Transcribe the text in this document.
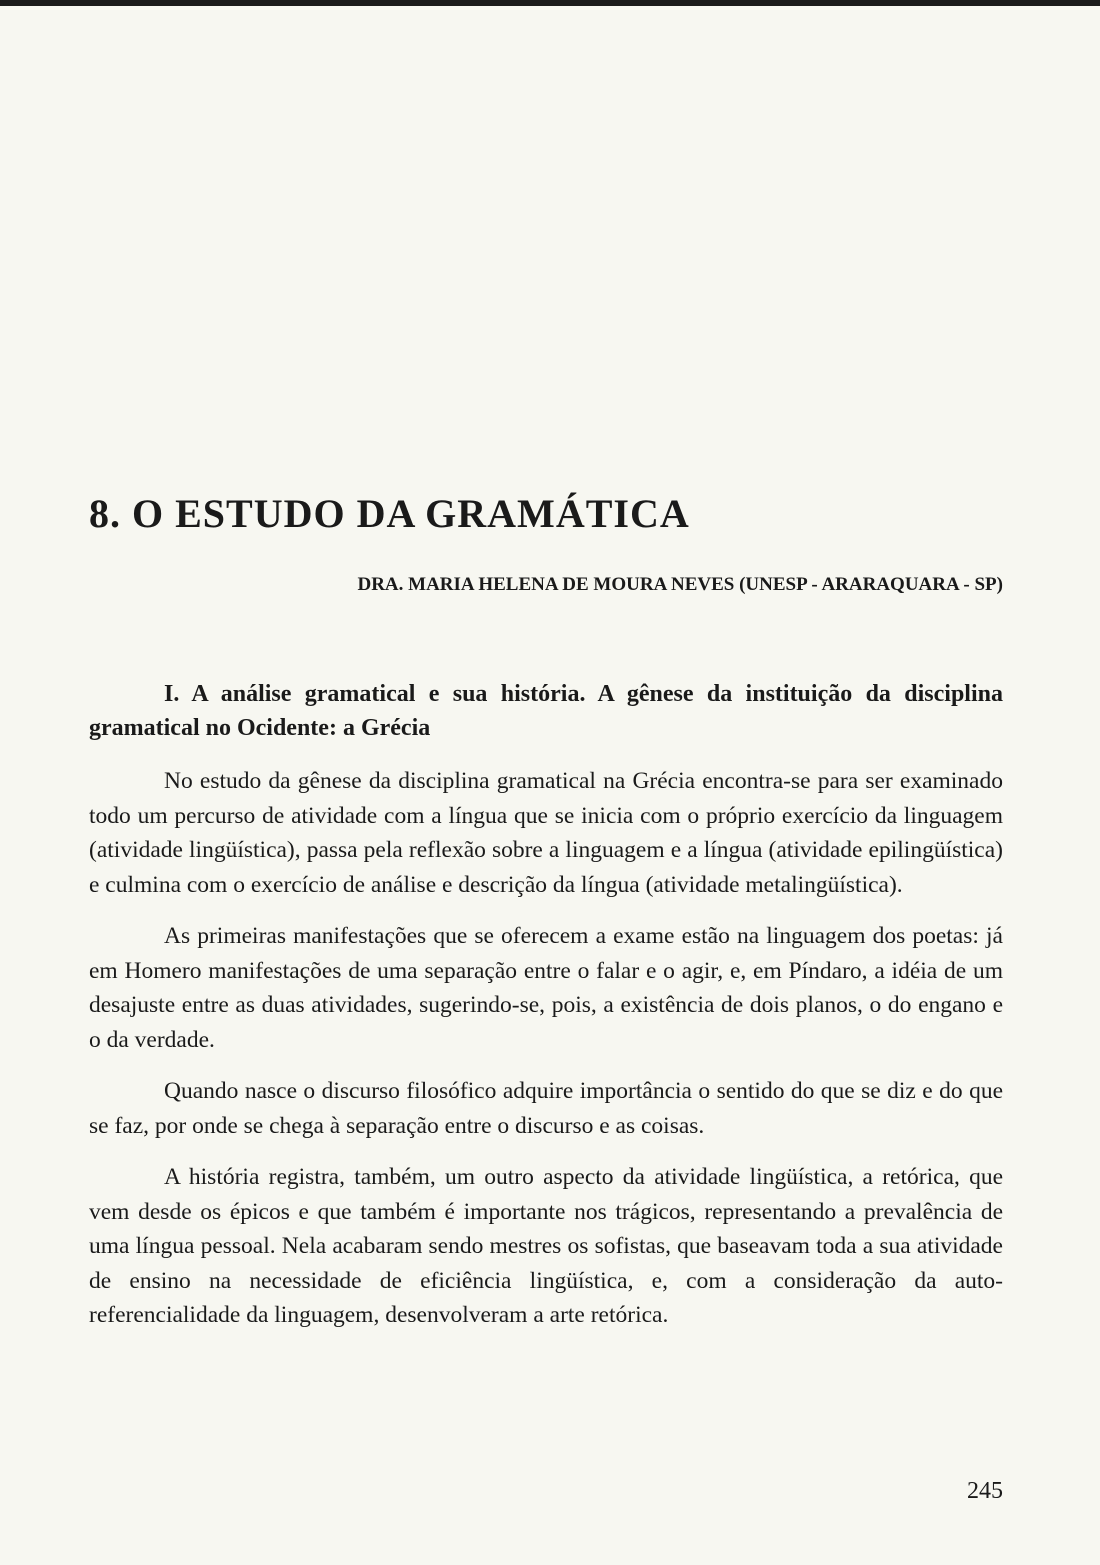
8. O ESTUDO DA GRAMÁTICA

DRA. MARIA HELENA DE MOURA NEVES (UNESP - ARARAQUARA - SP)

I. A análise gramatical e sua história. A gênese da instituição da disciplina gramatical no Ocidente: a Grécia

No estudo da gênese da disciplina gramatical na Grécia encontra-se para ser examinado todo um percurso de atividade com a língua que se inicia com o próprio exercício da linguagem (atividade lingüística), passa pela reflexão sobre a linguagem e a língua (atividade epilingüística) e culmina com o exercício de análise e descrição da língua (atividade metalingüística).

As primeiras manifestações que se oferecem a exame estão na linguagem dos poetas: já em Homero manifestações de uma separação entre o falar e o agir, e, em Píndaro, a idéia de um desajuste entre as duas atividades, sugerindo-se, pois, a existência de dois planos, o do engano e o da verdade.

Quando nasce o discurso filosófico adquire importância o sentido do que se diz e do que se faz, por onde se chega à separação entre o discurso e as coisas.

A história registra, também, um outro aspecto da atividade lingüística, a retórica, que vem desde os épicos e que também é importante nos trágicos, representando a prevalência de uma língua pessoal. Nela acabaram sendo mestres os sofistas, que baseavam toda a sua atividade de ensino na necessidade de eficiência lingüística, e, com a consideração da auto-referencialidade da linguagem, desenvolveram a arte retórica.

245
